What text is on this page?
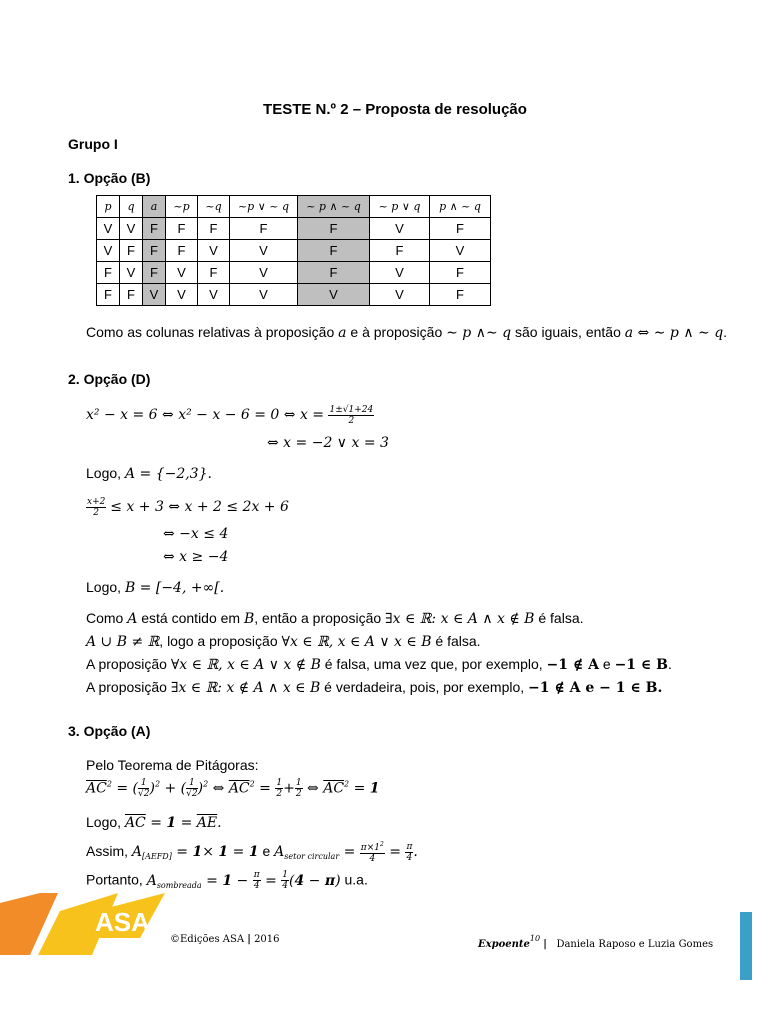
TESTE N.º 2 – Proposta de resolução
Grupo I
1. Opção (B)
p	q	a	~p	~q	~p ∨ ~ q	~ p ∧ ~ q	~ p ∨ q	p ∧ ~ q
V	V	F	F	F	F	F	V	F
V	F	F	F	V	V	F	F	V
F	V	F	V	F	V	F	V	F
F	F	V	V	V	V	V	V	F
Como as colunas relativas à proposição a e à proposição ∼ p ∧∼ q são iguais, então a ⇔ ∼ p ∧ ∼ q.
2. Opção (D)
x² − x = 6 ⇔ x² − x − 6 = 0 ⇔ $x = \frac{1\pm√1+24}{2}$
⇔ x = −2 ∨ x = 3
Logo, A = {−2,3}.
$\frac{x+2}{2} \le x + 3$ ⇔ x + 2 ≤ 2x + 6
⇔ −x ≤ 4
⇔ x ≥ −4
Logo, B = [−4, +∞[.
Como A está contido em B, então a proposição ∃x ∈ ℝ: x ∈ A ∧ x ∉ B é falsa.
A ∪ B ≠ ℝ, logo a proposição ∀x ∈ ℝ, x ∈ A ∨ x ∈ B é falsa.
A proposição ∀x ∈ ℝ, x ∈ A ∨ x ∉ B é falsa, uma vez que, por exemplo, −1 ∉ A e −1 ∈ B.
A proposição ∃x ∈ ℝ: x ∉ A ∧ x ∈ B é verdadeira, pois, por exemplo, −1 ∉ A e − 1 ∈ B.
3. Opção (A)
Pelo Teorema de Pitágoras:
$\overline{AC}^2$ = ( $\frac{1}{√2} )^2$ + ( $\frac{1}{√2} )^2$ ⇔ $\overline{AC}^2 = \frac{1}{2} + \frac{1}{2}$ ⇔ $\overline{AC}^2 = 1$
Logo, $\overline{AC} = 1 = \overline{AE}$.
Assim, $A_{[AEFD]} = 1\times 1 = 1$ e $A_{setor circular} = \frac{\pi\times 1^2}{4} = \frac{\pi}{4}$ .
Portanto, $A_{sombreada} = 1 - \frac{\pi}{4} = \frac{1}{4} (4 - \pi)$ u.a.
ASA
©Edições ASA | 2016	Expoente$^{10}$ | Daniela Raposo e Luzia Gomes
